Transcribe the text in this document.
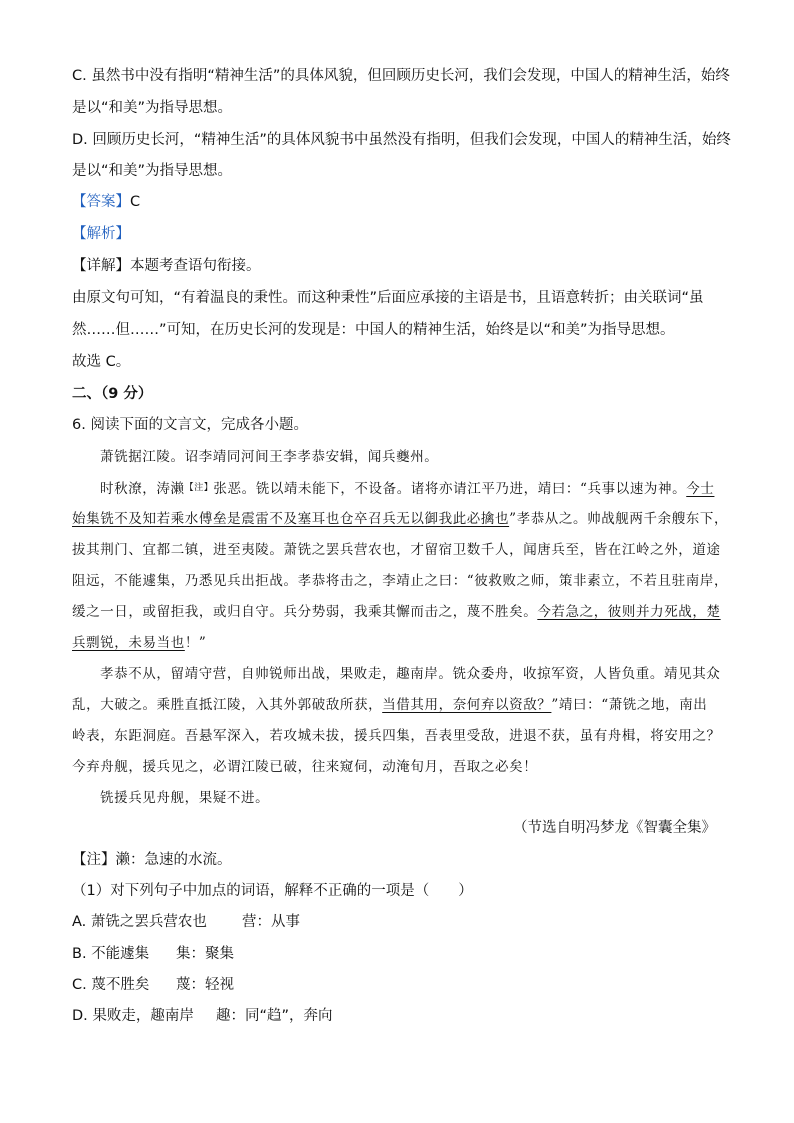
C. 虽然书中没有指明“精神生活”的具体风貌，但回顾历史长河，我们会发现，中国人的精神生活，始终
是以“和美”为指导思想。
D. 回顾历史长河，“精神生活”的具体风貌书中虽然没有指明，但我们会发现，中国人的精神生活，始终
是以“和美”为指导思想。
【答案】C
【解析】
【详解】本题考查语句衔接。
由原文句可知，“有着温良的秉性。而这种秉性”后面应承接的主语是书，且语意转折；由关联词“虽
然……但……”可知，在历史长河的发现是：中国人的精神生活，始终是以“和美”为指导思想。
故选 C。
二、（9 分）
6. 阅读下面的文言文，完成各小题。
萧铣据江陵。诏李靖同河间王李孝恭安辑，闻兵夔州。
时秋潦，涛濑$^{【注】}$张恶。铣以靖未能下，不设备。诸将亦请江平乃进，靖曰：“兵事以速为神。今士
始集铣不及知若乘水傅垒是震雷不及塞耳也仓卒召兵无以御我此必擒也”孝恭从之。帅战舰两千余艘东下，
拔其荆门、宜都二镇，进至夷陵。萧铣之罢兵营农也，才留宿卫数千人，闻唐兵至，皆在江岭之外，道途
阻远，不能遽集，乃悉见兵出拒战。孝恭将击之，李靖止之曰：“彼救败之师，策非素立，不若且驻南岸，
缓之一日，或留拒我，或归自守。兵分势弱，我乘其懈而击之，蔑不胜矣。今若急之，彼则并力死战，楚
兵剽锐，未易当也！”
孝恭不从，留靖守营，自帅锐师出战，果败走，趣南岸。铣众委舟，收掠军资，人皆负重。靖见其众
乱，大破之。乘胜直抵江陵，入其外郭破敌所获，当借其用，奈何弃以资敌？”靖曰：“萧铣之地，南出
岭表，东距洞庭。吾悬军深入，若攻城未拔，援兵四集，吾表里受敌，进退不获，虽有舟楫，将安用之？
今弃舟舰，援兵见之，必谓江陵已破，往来窥伺，动淹旬月，吾取之必矣！
铣援兵见舟舰，果疑不进。
（节选自明冯梦龙《智囊全集》
【注】濑：急速的水流。
（1）对下列句子中加点的词语，解释不正确的一项是（　　）
A. 萧铣之罢兵营农也 营：从事
B. 不能遽集 集：聚集
C. 蔑不胜矣 蔑：轻视
D. 果败走，趣南岸 趣：同“趋”，奔向
